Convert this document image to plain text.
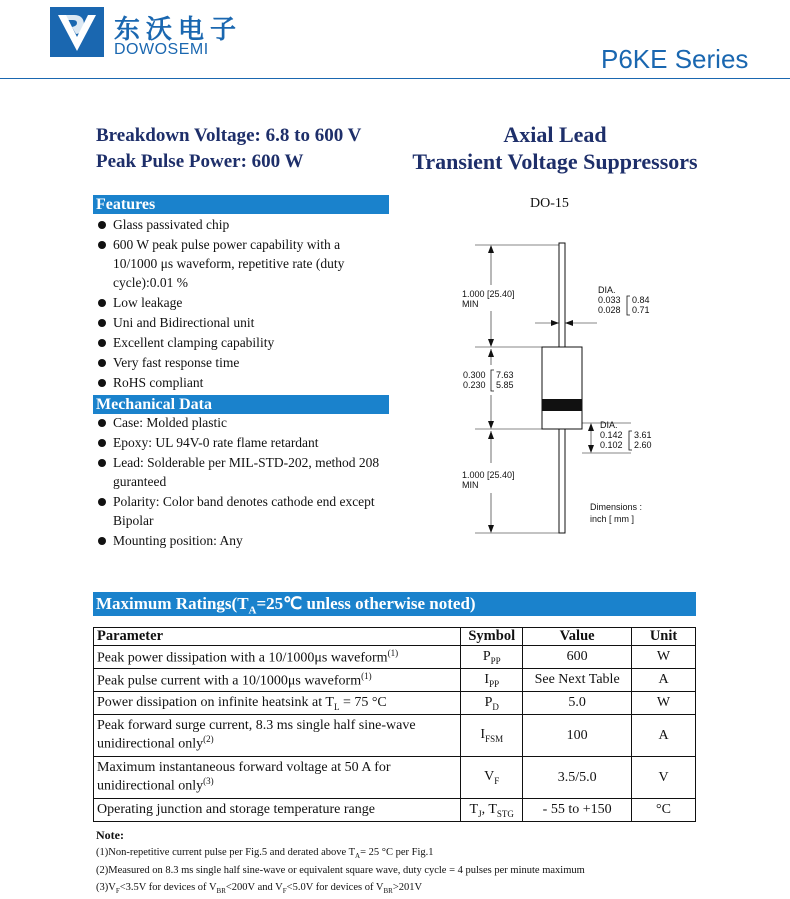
东沃电子
DOWOSEMI	P6KE Series
Breakdown Voltage: 6.8 to 600 V
Peak Pulse Power: 600 W
Axial Lead
Transient Voltage Suppressors
Features
Glass passivated chip
600 W peak pulse power capability with a 10/1000 μs waveform, repetitive rate (duty cycle):0.01 %
Low leakage
Uni and Bidirectional unit
Excellent clamping capability
Very fast response time
RoHS compliant
Mechanical Data
Case: Molded plastic
Epoxy: UL 94V-0 rate flame retardant
Lead: Solderable per MIL-STD-202, method 208 guranteed
Polarity: Color band denotes cathode end except Bipolar
Mounting position: Any
DO-15
1.000 [25.40]
MIN
DIA.
0.033
0.028
0.84
0.71
0.300
0.230
7.63
5.85
DIA.
0.142
0.102
3.61
2.60
1.000 [25.40]
MIN
Dimensions :
inch [ mm ]
Maximum $Ratings(T_A=25℃$ unless otherwise noted)
Parameter	Symbol	Value	Unit
Peak power dissipation with a 10/1000μs waveform$^{(1)}$	$P_{PP}$	600	W
Peak pulse current with a 10/1000μs waveform$^{(1)}$	$I_{PP}$	See Next Table	A
Power dissipation on infinite heatsink at $T_L = 75$ °C	$P_D$	5.0	W
Peak forward surge current, 8.3 ms single half sine-wave
unidirectional only$^{(2)}$	$I_{FSM}$	100	A
Maximum instantaneous forward voltage at 50 A for
unidirectional only$^{(3)}$	$V_F$	3.5/5.0	V
Operating junction and storage temperature range	$T_J$, $T_{STG}$	- 55 to +150	°C
Note:
(1)Non-repetitive current pulse per Fig.5 and derated above $T_A= 25$ °C per Fig.1
(2)Measured on 8.3 ms single half sine-wave or equivalent square wave, duty cycle = 4 pulses per minute maximum
$(3)V_F<3.5V$ for devices of $V_{BR}<200V$ and $V_F<5.0V$ for devices of $V_{BR}>201V$
